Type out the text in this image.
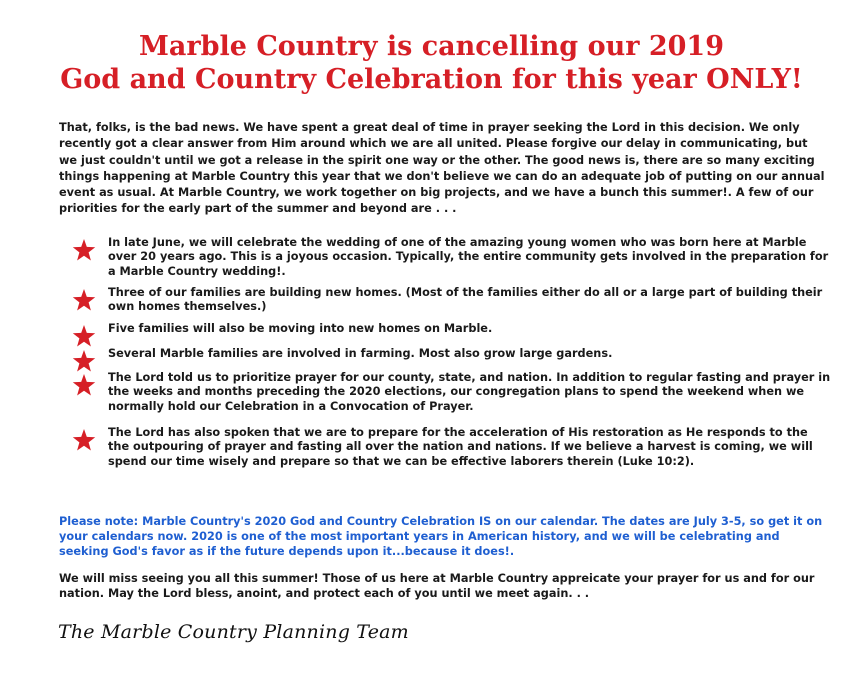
Marble Country is cancelling our 2019
God and Country Celebration for this year ONLY!
That, folks, is the bad news. We have spent a great deal of time in prayer seeking the Lord in this decision. We only recently got a clear answer from Him around which we are all united. Please forgive our delay in communicating, but we just couldn't until we got a release in the spirit one way or the other. The good news is, there are so many exciting things happening at Marble Country this year that we don't believe we can do an adequate job of putting on our annual event as usual. At Marble Country, we work together on big projects, and we have a bunch this summer!. A few of our priorities for the early part of the summer and beyond are . . .
In late June, we will celebrate the wedding of one of the amazing young women who was born here at Marble over 20 years ago. This is a joyous occasion. Typically, the entire community gets involved in the preparation for a Marble Country wedding!.
Three of our families are building new homes. (Most of the families either do all or a large part of building their own homes themselves.)
Five families will also be moving into new homes on Marble.
Several Marble families are involved in farming. Most also grow large gardens.
The Lord told us to prioritize prayer for our county, state, and nation. In addition to regular fasting and prayer in the weeks and months preceding the 2020 elections, our congregation plans to spend the weekend when we normally hold our Celebration in a Convocation of Prayer.
The Lord has also spoken that we are to prepare for the acceleration of His restoration as He responds to the the outpouring of prayer and fasting all over the nation and nations. If we believe a harvest is coming, we will spend our time wisely and prepare so that we can be effective laborers therein (Luke 10:2).
Please note: Marble Country's 2020 God and Country Celebration IS on our calendar. The dates are July 3-5, so get it on your calendars now. 2020 is one of the most important years in American history, and we will be celebrating and seeking God's favor as if the future depends upon it...because it does!.
We will miss seeing you all this summer! Those of us here at Marble Country appreicate your prayer for us and for our nation. May the Lord bless, anoint, and protect each of you until we meet again. . .
The Marble Country Planning Team
